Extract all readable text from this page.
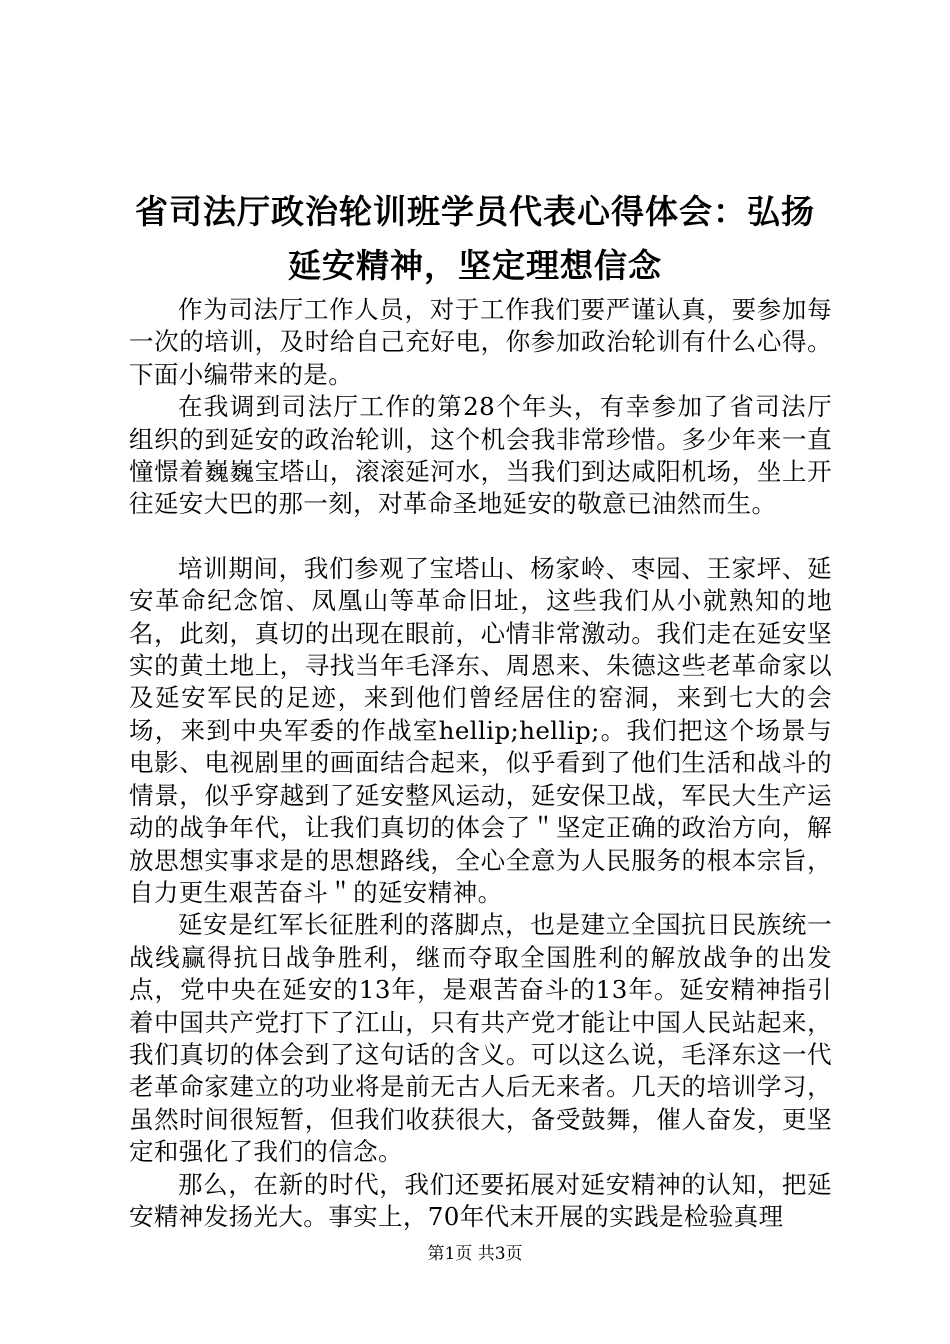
省司法厅政治轮训班学员代表心得体会：弘扬
延安精神，坚定理想信念

作为司法厅工作人员，对于工作我们要严谨认真，要参加每一次的培训，及时给自己充好电，你参加政治轮训有什么心得。下面小编带来的是。

在我调到司法厅工作的第28个年头，有幸参加了省司法厅组织的到延安的政治轮训，这个机会我非常珍惜。多少年来一直憧憬着巍巍宝塔山，滚滚延河水，当我们到达咸阳机场，坐上开往延安大巴的那一刻，对革命圣地延安的敬意已油然而生。

培训期间，我们参观了宝塔山、杨家岭、枣园、王家坪、延安革命纪念馆、凤凰山等革命旧址，这些我们从小就熟知的地名，此刻，真切的出现在眼前，心情非常激动。我们走在延安坚实的黄土地上，寻找当年毛泽东、周恩来、朱德这些老革命家以及延安军民的足迹，来到他们曾经居住的窑洞，来到七大的会场，来到中央军委的作战室hellip;hellip;。我们把这个场景与电影、电视剧里的画面结合起来，似乎看到了他们生活和战斗的情景，似乎穿越到了延安整风运动，延安保卫战，军民大生产运动的战争年代，让我们真切的体会了＂坚定正确的政治方向，解放思想实事求是的思想路线，全心全意为人民服务的根本宗旨，自力更生艰苦奋斗＂的延安精神。

延安是红军长征胜利的落脚点，也是建立全国抗日民族统一战线赢得抗日战争胜利，继而夺取全国胜利的解放战争的出发点，党中央在延安的13年，是艰苦奋斗的13年。延安精神指引着中国共产党打下了江山，只有共产党才能让中国人民站起来，我们真切的体会到了这句话的含义。可以这么说，毛泽东这一代老革命家建立的功业将是前无古人后无来者。几天的培训学习，虽然时间很短暂，但我们收获很大，备受鼓舞，催人奋发，更坚定和强化了我们的信念。

那么，在新的时代，我们还要拓展对延安精神的认知，把延安精神发扬光大。事实上，70年代末开展的实践是检验真理

第1页 共3页
